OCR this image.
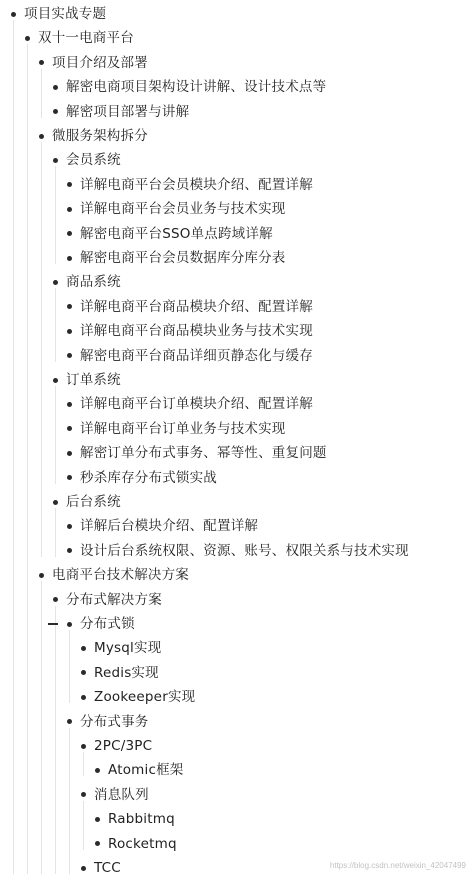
项目实战专题
双十一电商平台
项目介绍及部署
解密电商项目架构设计讲解、设计技术点等
解密项目部署与讲解
微服务架构拆分
会员系统
详解电商平台会员模块介绍、配置详解
详解电商平台会员业务与技术实现
解密电商平台SSO单点跨域详解
解密电商平台会员数据库分库分表
商品系统
详解电商平台商品模块介绍、配置详解
详解电商平台商品模块业务与技术实现
解密电商平台商品详细页静态化与缓存
订单系统
详解电商平台订单模块介绍、配置详解
详解电商平台订单业务与技术实现
解密订单分布式事务、幂等性、重复问题
秒杀库存分布式锁实战
后台系统
详解后台模块介绍、配置详解
设计后台系统权限、资源、账号、权限关系与技术实现
电商平台技术解决方案
分布式解决方案
分布式锁
Mysql实现
Redis实现
Zookeeper实现
分布式事务
2PC/3PC
Atomic框架
消息队列
Rabbitmq
Rocketmq
TCC	https://blog.csdn.net/weixin_42047499
